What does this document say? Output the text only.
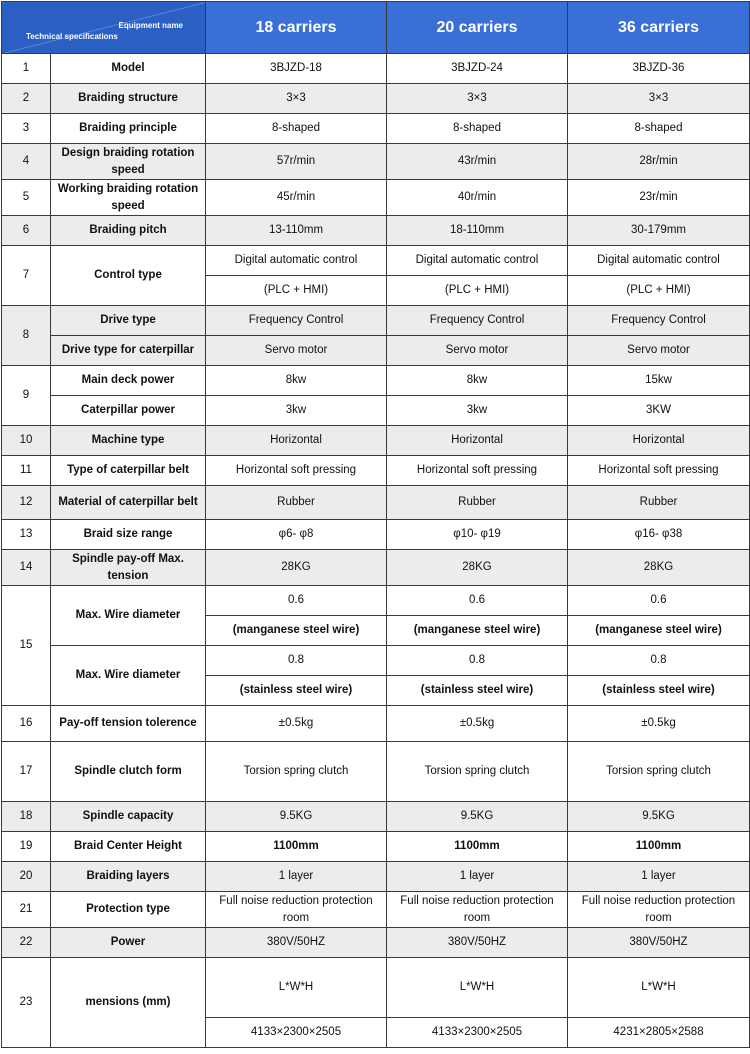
Equipment name
Technical specifications		18 carriers	20 carriers	36 carriers
1	Model	3BJZD-18	3BJZD-24	3BJZD-36
2	Braiding structure	3×3	3×3	3×3
3	Braiding principle	8-shaped	8-shaped	8-shaped
4	Design braiding rotation speed	57r/min	43r/min	28r/min
5	Working braiding rotation speed	45r/min	40r/min	23r/min
6	Braiding pitch	13-110mm	18-110mm	30-179mm
7	Control type	Digital automatic control	Digital automatic control	Digital automatic control
		(PLC + HMI)	(PLC + HMI)	(PLC + HMI)
8	Drive type	Frequency Control	Frequency Control	Frequency Control
	Drive type for caterpillar	Servo motor	Servo motor	Servo motor
9	Main deck power	8kw	8kw	15kw
	Caterpillar power	3kw	3kw	3KW
10	Machine type	Horizontal	Horizontal	Horizontal
11	Type of caterpillar belt	Horizontal soft pressing	Horizontal soft pressing	Horizontal soft pressing
12	Material of caterpillar belt	Rubber	Rubber	Rubber
13	Braid size range	φ6- φ8	φ10- φ19	φ16- φ38
14	Spindle pay-off Max. tension	28KG	28KG	28KG
15	Max. Wire diameter	0.6	0.6	0.6
		(manganese steel wire)	(manganese steel wire)	(manganese steel wire)
	Max. Wire diameter	0.8	0.8	0.8
		(stainless steel wire)	(stainless steel wire)	(stainless steel wire)
16	Pay-off tension tolerence	±0.5kg	±0.5kg	±0.5kg
17	Spindle clutch form	Torsion spring clutch	Torsion spring clutch	Torsion spring clutch
18	Spindle capacity	9.5KG	9.5KG	9.5KG
19	Braid Center Height	1100mm	1100mm	1100mm
20	Braiding layers	1 layer	1 layer	1 layer
21	Protection type	Full noise reduction protection room	Full noise reduction protection room	Full noise reduction protection room
22	Power	380V/50HZ	380V/50HZ	380V/50HZ
23	mensions (mm)	L*W*H	L*W*H	L*W*H
		4133×2300×2505	4133×2300×2505	4231×2805×2588
